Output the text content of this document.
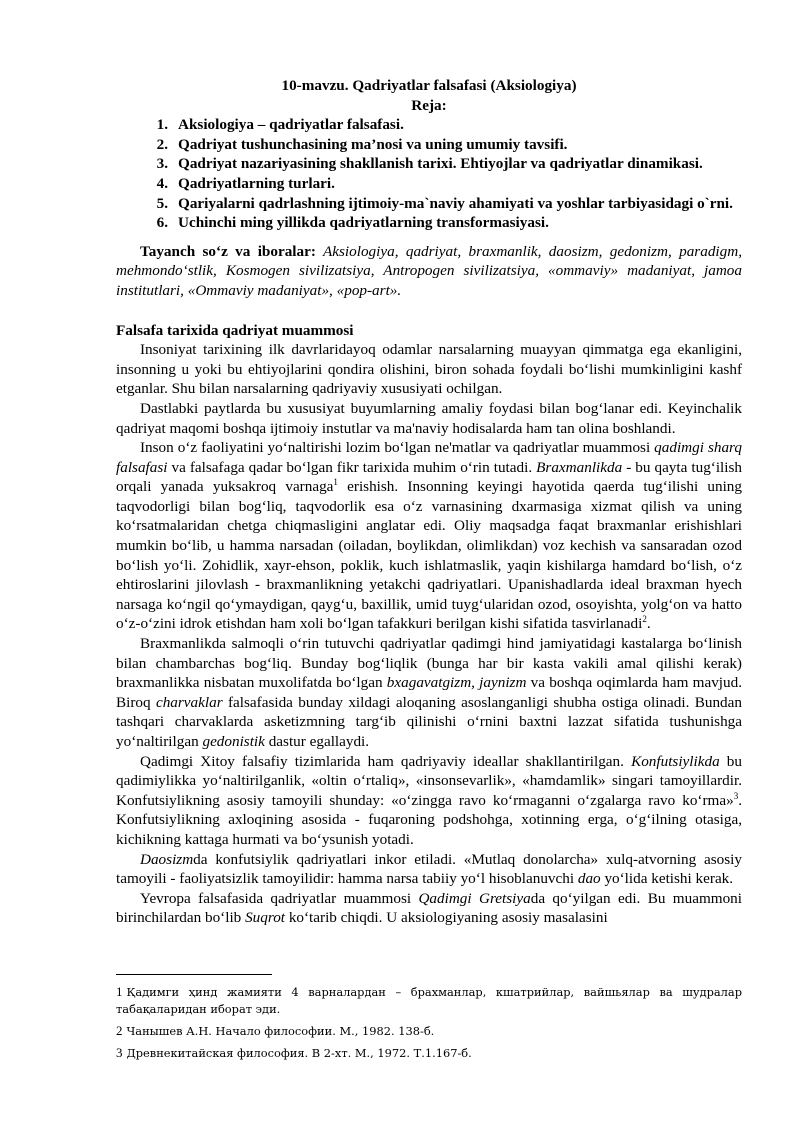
10-mavzu. Qadriyatlar falsafasi (Aksiologiya)
Reja:
1. Aksiologiya – qadriyatlar falsafasi.
2. Qadriyat tushunchasining ma’nosi va uning umumiy tavsifi.
3. Qadriyat nazariyasining shakllanish tarixi. Ehtiyojlar va qadriyatlar dinamikasi.
4. Qadriyatlarning turlari.
5. Qariyalarni qadrlashning ijtimoiy-ma`naviy ahamiyati va yoshlar tarbiyasidagi o`rni.
6. Uchinchi ming yillikda qadriyatlarning transformasiyasi.

Tayanch so‘z va iboralar: Aksiologiya, qadriyat, braxmanlik, daosizm, gedonizm, paradigm, mehmondo‘stlik, Kosmogen sivilizatsiya, Antropogen sivilizatsiya, «ommaviy» madaniyat, jamoa institutlari, «Ommaviy madaniyat», «pop-art».

Falsafa tarixida qadriyat muammosi

Insoniyat tarixining ilk davrlaridayoq odamlar narsalarning muayyan qimmatga ega ekanligini, insonning u yoki bu ehtiyojlarini qondira olishini, biron sohada foydali bo‘lishi mumkinligini kashf etganlar. Shu bilan narsalarning qadriyaviy xususiyati ochilgan.

Dastlabki paytlarda bu xususiyat buyumlarning amaliy foydasi bilan bog‘lanar edi. Keyinchalik qadriyat maqomi boshqa ijtimoiy instutlar va ma'naviy hodisalarda ham tan olina boshlandi.

Inson o‘z faoliyatini yo‘naltirishi lozim bo‘lgan ne'matlar va qadriyatlar muammosi qadimgi sharq falsafasi va falsafaga qadar bo‘lgan fikr tarixida muhim o‘rin tutadi. Braxmanlikda - bu qayta tug‘ilish orqali yanada yuksakroq varnaga$^1$ erishish. Insonning keyingi hayotida qaerda tug‘ilishi uning taqvodorligi bilan bog‘liq, taqvodorlik esa o‘z varnasining dxarmasiga xizmat qilish va uning ko‘rsatmalaridan chetga chiqmasligini anglatar edi. Oliy maqsadga faqat braxmanlar erishishlari mumkin bo‘lib, u hamma narsadan (oiladan, boylikdan, olimlikdan) voz kechish va sansaradan ozod bo‘lish yo‘li. Zohidlik, xayr-ehson, poklik, kuch ishlatmaslik, yaqin kishilarga hamdard bo‘lish, o‘z ehtiroslarini jilovlash - braxmanlikning yetakchi qadriyatlari. Upanishadlarda ideal braxman hyech narsaga ko‘ngil qo‘ymaydigan, qayg‘u, baxillik, umid tuyg‘ularidan ozod, osoyishta, yolg‘on va hatto o‘z-o‘zini idrok etishdan ham xoli bo‘lgan tafakkuri berilgan kishi sifatida tasvirlanadi$^2$.

Braxmanlikda salmoqli o‘rin tutuvchi qadriyatlar qadimgi hind jamiyatidagi kastalarga bo‘linish bilan chambarchas bog‘liq. Bunday bog‘liqlik (bunga har bir kasta vakili amal qilishi kerak) braxmanlikka nisbatan muxolifatda bo‘lgan bxagavatgizm, jaynizm va boshqa oqimlarda ham mavjud. Biroq charvaklar falsafasida bunday xildagi aloqaning asoslanganligi shubha ostiga olinadi. Bundan tashqari charvaklarda asketizmning targ‘ib qilinishi o‘rnini baxtni lazzat sifatida tushunishga yo‘naltirilgan gedonistik dastur egallaydi.

Qadimgi Xitoy falsafiy tizimlarida ham qadriyaviy ideallar shakllantirilgan. Konfutsiylikda bu qadimiylikka yo‘naltirilganlik, «oltin o‘rtaliq», «insonsevarlik», «hamdamlik» singari tamoyillardir. Konfutsiylikning asosiy tamoyili shunday: «o‘zingga ravo ko‘rmaganni o‘zgalarga ravo ko‘rma»$^3$. Konfutsiylikning axloqining asosida - fuqaroning podshohga, xotinning erga, o‘g‘ilning otasiga, kichikning kattaga hurmati va bo‘ysunish yotadi.

Daosizmda konfutsiylik qadriyatlari inkor etiladi. «Mutlaq donolarcha» xulq-atvorning asosiy tamoyili - faoliyatsizlik tamoyilidir: hamma narsa tabiiy yo‘l hisoblanuvchi dao yo‘lida ketishi kerak.

Yevropa falsafasida qadriyatlar muammosi Qadimgi Gretsiyada qo‘yilgan edi. Bu muammoni birinchilardan bo‘lib Suqrot ko‘tarib chiqdi. U aksiologiyaning asosiy masalasini

1 Қадимги ҳинд жамияти 4 варналардан – брахманлар, кшатрийлар, вайшьялар ва шудралар табақаларидан иборат эди.

2 Чанышев А.Н. Начало философии. М., 1982. 138-б.

3 Древнекитайская философия. В 2-хт. М., 1972. Т.1.167-б.
